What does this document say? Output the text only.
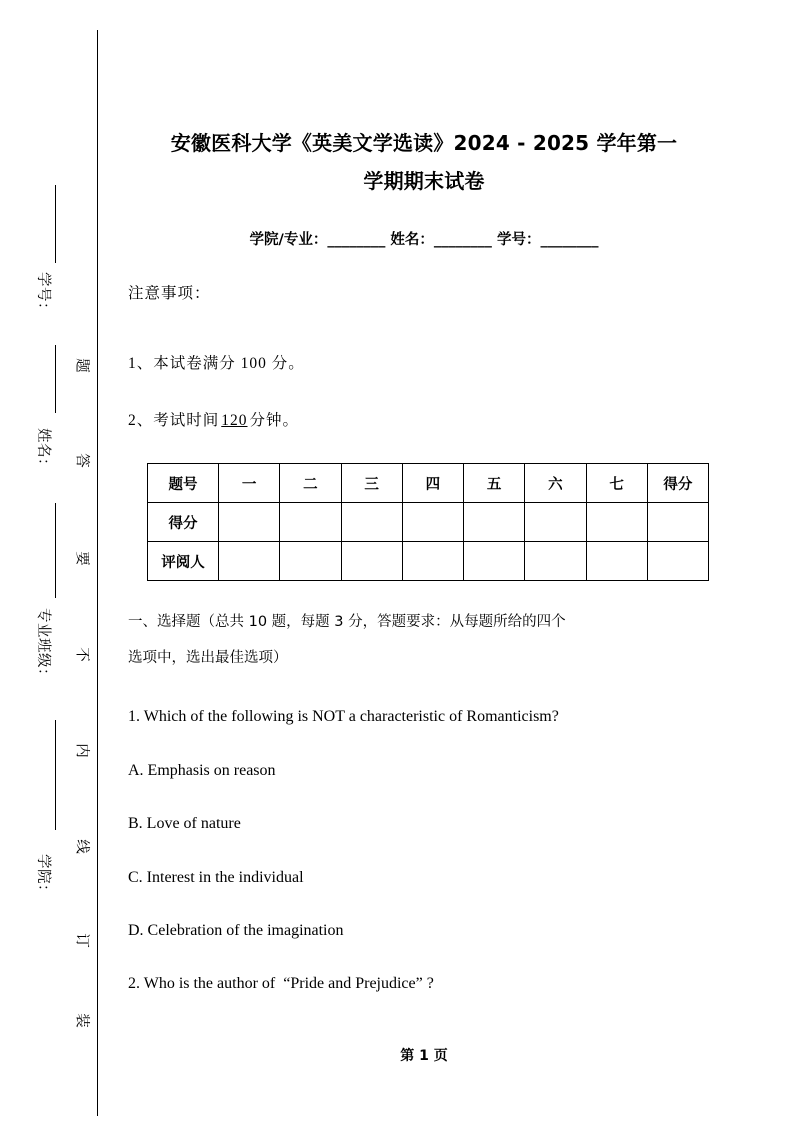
学号：
姓名：
专业班级：
学院：
题
答
要
不
内
线
订
装
安徽医科大学《英美文学选读》2024 - 2025 学年第一
学期期末试卷
学院/专业：________ 姓名：________ 学号：________
注意事项：
1、本试卷满分 100 分。
2、考试时间 120 分钟。
题号	一	二	三	四	五	六	七	得分
得分								
评阅人								
一、选择题（总共 10 题，每题 3 分，答题要求：从每题所给的四个
选项中，选出最佳选项）
1. Which of the following is NOT a characteristic of Romanticism?
A. Emphasis on reason
B. Love of nature
C. Interest in the individual
D. Celebration of the imagination
2. Who is the author of  “Pride and Prejudice” ?
第 1 页
